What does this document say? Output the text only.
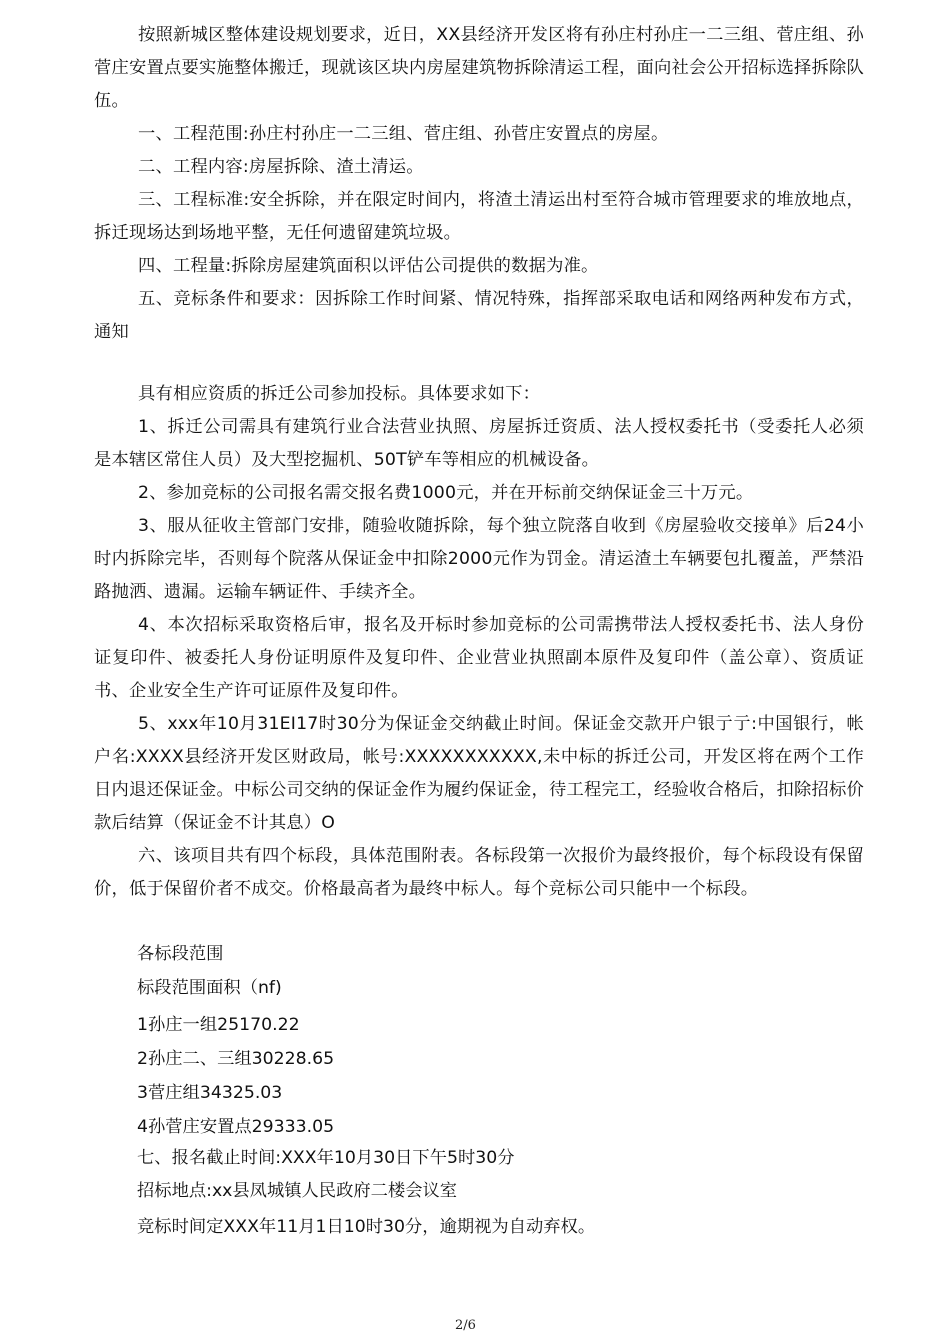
按照新城区整体建设规划要求，近日，XX县经济开发区将有孙庄村孙庄一二三组、菅庄组、孙菅庄安置点要实施整体搬迁，现就该区块内房屋建筑物拆除清运工程，面向社会公开招标选择拆除队伍。

一、工程范围:孙庄村孙庄一二三组、菅庄组、孙菅庄安置点的房屋。

二、工程内容:房屋拆除、渣土清运。

三、工程标准:安全拆除，并在限定时间内，将渣土清运出村至符合城市管理要求的堆放地点，拆迁现场达到场地平整，无任何遗留建筑垃圾。

四、工程量:拆除房屋建筑面积以评估公司提供的数据为准。

五、竞标条件和要求：因拆除工作时间紧、情况特殊，指挥部采取电话和网络两种发布方式，通知

具有相应资质的拆迁公司参加投标。具体要求如下：

1、拆迁公司需具有建筑行业合法营业执照、房屋拆迁资质、法人授权委托书（受委托人必须是本辖区常住人员）及大型挖掘机、50T铲车等相应的机械设备。

2、参加竞标的公司报名需交报名费1000元，并在开标前交纳保证金三十万元。

3、服从征收主管部门安排，随验收随拆除，每个独立院落自收到《房屋验收交接单》后24小时内拆除完毕，否则每个院落从保证金中扣除2000元作为罚金。清运渣土车辆要包扎覆盖，严禁沿路抛洒、遗漏。运输车辆证件、手续齐全。

4、本次招标采取资格后审，报名及开标时参加竞标的公司需携带法人授权委托书、法人身份证复印件、被委托人身份证明原件及复印件、企业营业执照副本原件及复印件（盖公章）、资质证书、企业安全生产许可证原件及复印件。

5、xxx年10月31EI17时30分为保证金交纳截止时间。保证金交款开户银亍亍:中国银行，帐户名:XXXX县经济开发区财政局，帐号:XXXXXXXXXXX,未中标的拆迁公司，开发区将在两个工作日内退还保证金。中标公司交纳的保证金作为履约保证金，待工程完工，经验收合格后，扣除招标价款后结算（保证金不计其息）O

六、该项目共有四个标段，具体范围附表。各标段第一次报价为最终报价，每个标段设有保留价，低于保留价者不成交。价格最高者为最终中标人。每个竞标公司只能中一个标段。

各标段范围

标段范围面积（nf)

1孙庄一组25170.22

2孙庄二、三组30228.65

3菅庄组34325.03

4孙菅庄安置点29333.05

七、报名截止时间:XXX年10月30日下午5时30分

招标地点:xx县凤城镇人民政府二楼会议室

竞标时间定XXX年11月1日10时30分，逾期视为自动弃权。

2/6
